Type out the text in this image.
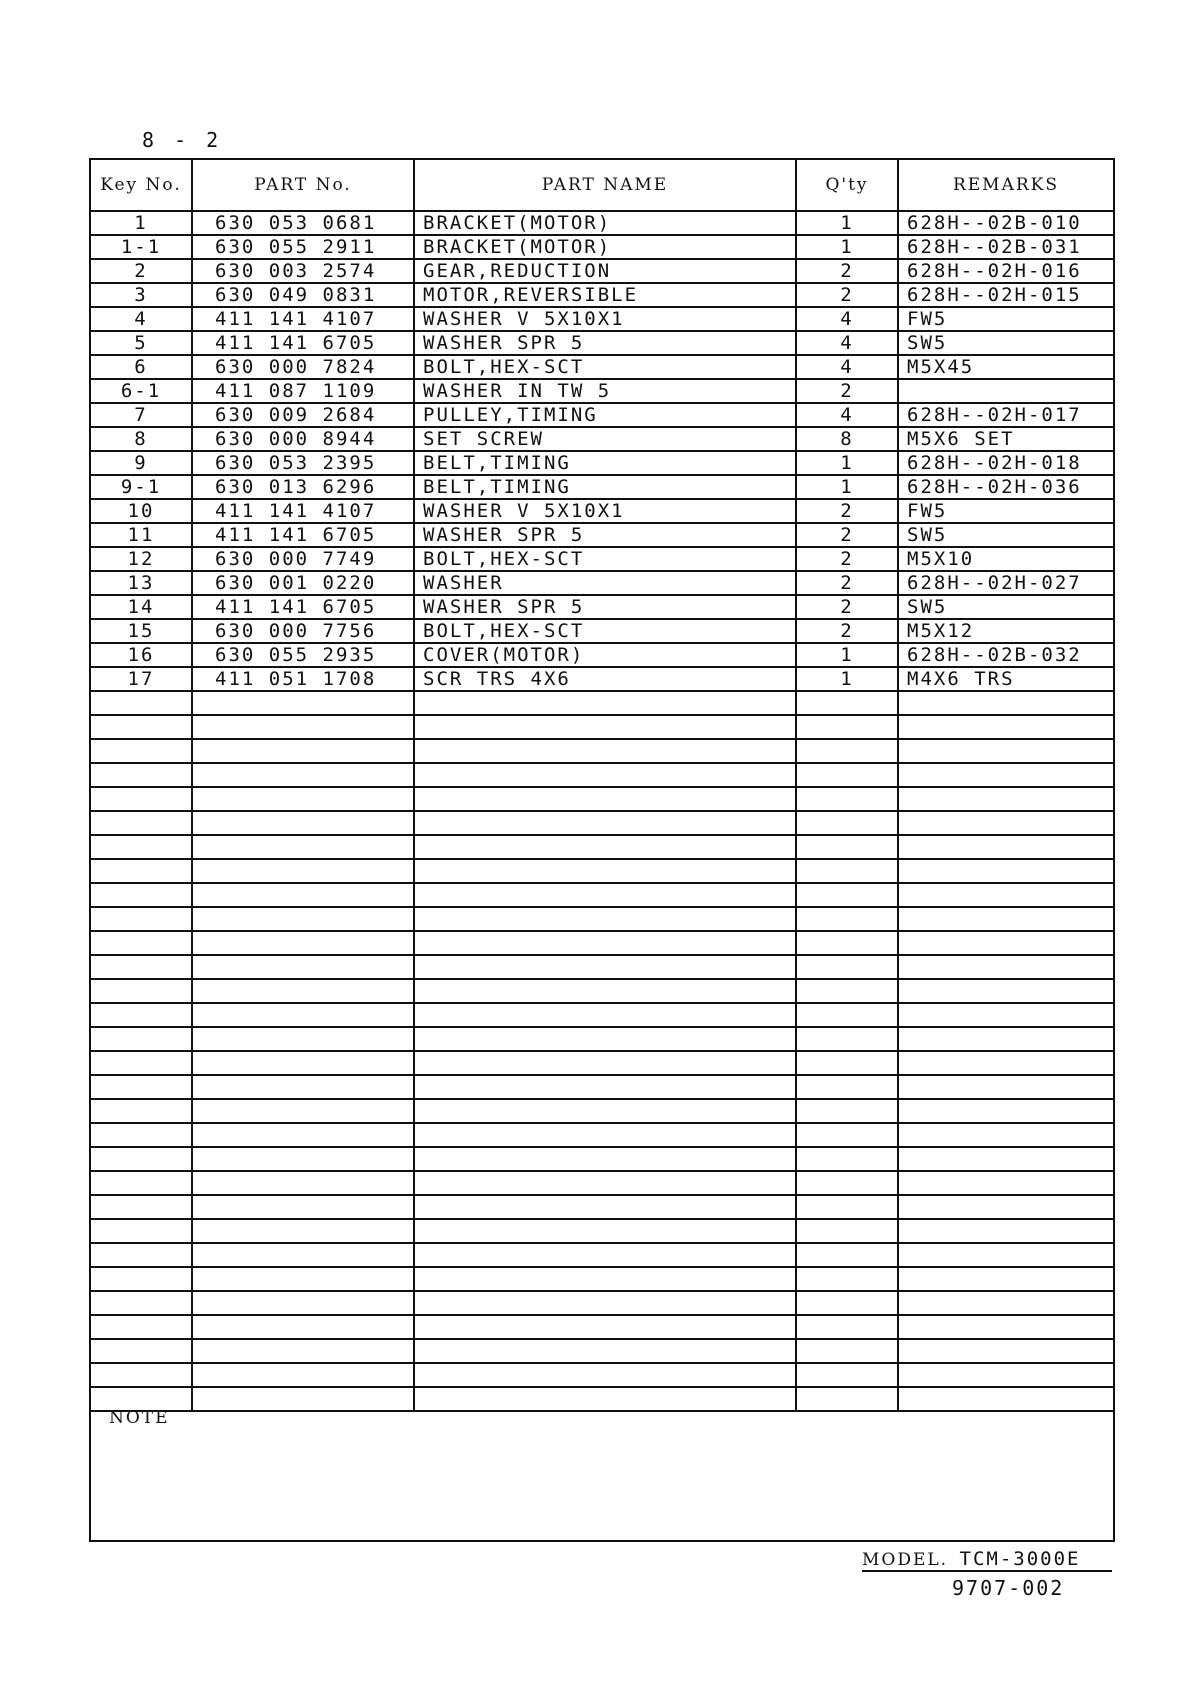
8 - 2
Key No.	PART No.	PART NAME	Q'ty	REMARKS
1	630 053 0681	BRACKET(MOTOR)	1	628H--02B-010
1-1	630 055 2911	BRACKET(MOTOR)	1	628H--02B-031
2	630 003 2574	GEAR,REDUCTION	2	628H--02H-016
3	630 049 0831	MOTOR,REVERSIBLE	2	628H--02H-015
4	411 141 4107	WASHER V 5X10X1	4	FW5
5	411 141 6705	WASHER SPR 5	4	SW5
6	630 000 7824	BOLT,HEX-SCT	4	M5X45
6-1	411 087 1109	WASHER IN TW 5	2	
7	630 009 2684	PULLEY,TIMING	4	628H--02H-017
8	630 000 8944	SET SCREW	8	M5X6 SET
9	630 053 2395	BELT,TIMING	1	628H--02H-018
9-1	630 013 6296	BELT,TIMING	1	628H--02H-036
10	411 141 4107	WASHER V 5X10X1	2	FW5
11	411 141 6705	WASHER SPR 5	2	SW5
12	630 000 7749	BOLT,HEX-SCT	2	M5X10
13	630 001 0220	WASHER	2	628H--02H-027
14	411 141 6705	WASHER SPR 5	2	SW5
15	630 000 7756	BOLT,HEX-SCT	2	M5X12
16	630 055 2935	COVER(MOTOR)	1	628H--02B-032
17	411 051 1708	SCR TRS 4X6	1	M4X6 TRS

NOTE
MODEL. TCM-3000E
9707-002
